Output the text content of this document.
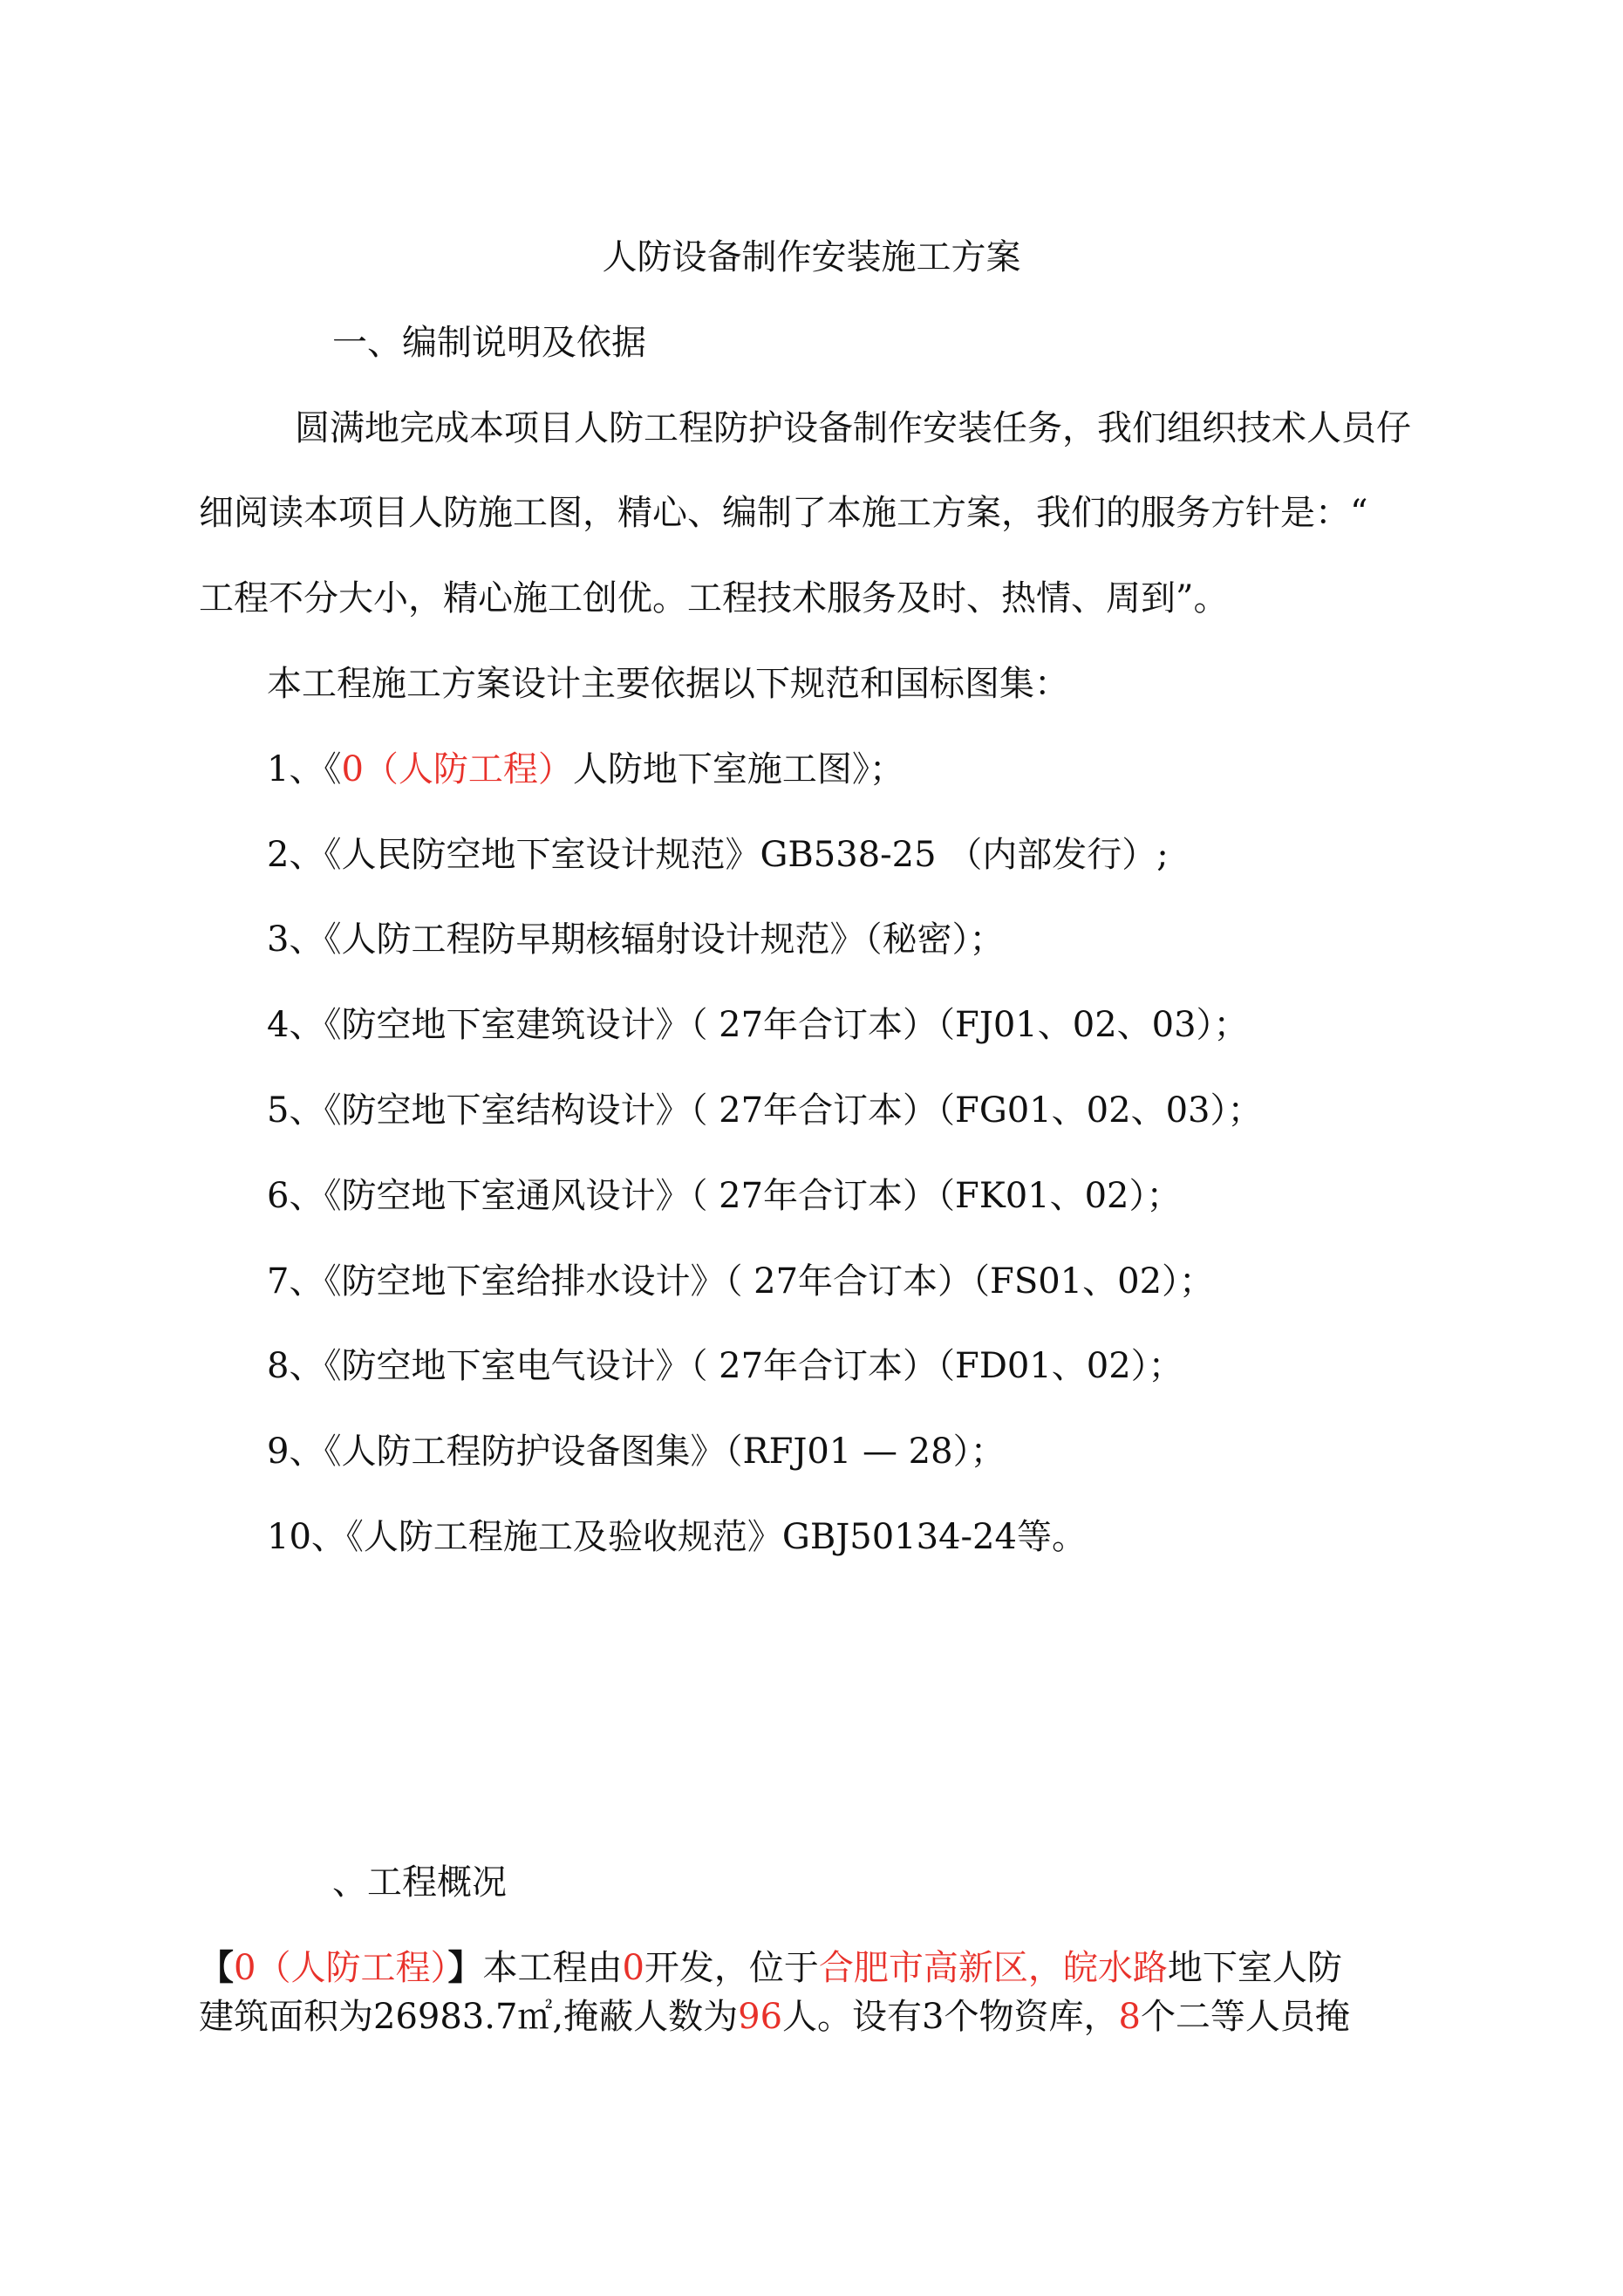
人防设备制作安装施工方案
一、编制说明及依据
圆满地完成本项目人防工程防护设备制作安装任务，我们组织技术人员仔
细阅读本项目人防施工图，精心、编制了本施工方案，我们的服务方针是：“
工程不分大小，精心施工创优。工程技术服务及时、热情、周到”。
本工程施工方案设计主要依据以下规范和国标图集：
1、《0（人防工程）人防地下室施工图》；
2、《人民防空地下室设计规范》GB538-25 （内部发行）;
3、《人防工程防早期核辐射设计规范》（秘密）；
4、《防空地下室建筑设计》（ 27年合订本）（FJ01、02、03）；
5、《防空地下室结构设计》（ 27年合订本）（FG01、02、03）；
6、《防空地下室通风设计》（ 27年合订本）（FK01、02）；
7、《防空地下室给排水设计》（ 27年合订本）（FS01、02）；
8、《防空地下室电气设计》（ 27年合订本）（FD01、02）；
9、《人防工程防护设备图集》（RFJ01 — 28）；
10、《人防工程施工及验收规范》GBJ50134-24等。
、工程概况
【0（人防工程）】本工程由0开发，位于合肥市高新区，皖水路地下室人防
建筑面积为26983.7㎡,掩蔽人数为96人。设有3个物资库，8个二等人员掩
